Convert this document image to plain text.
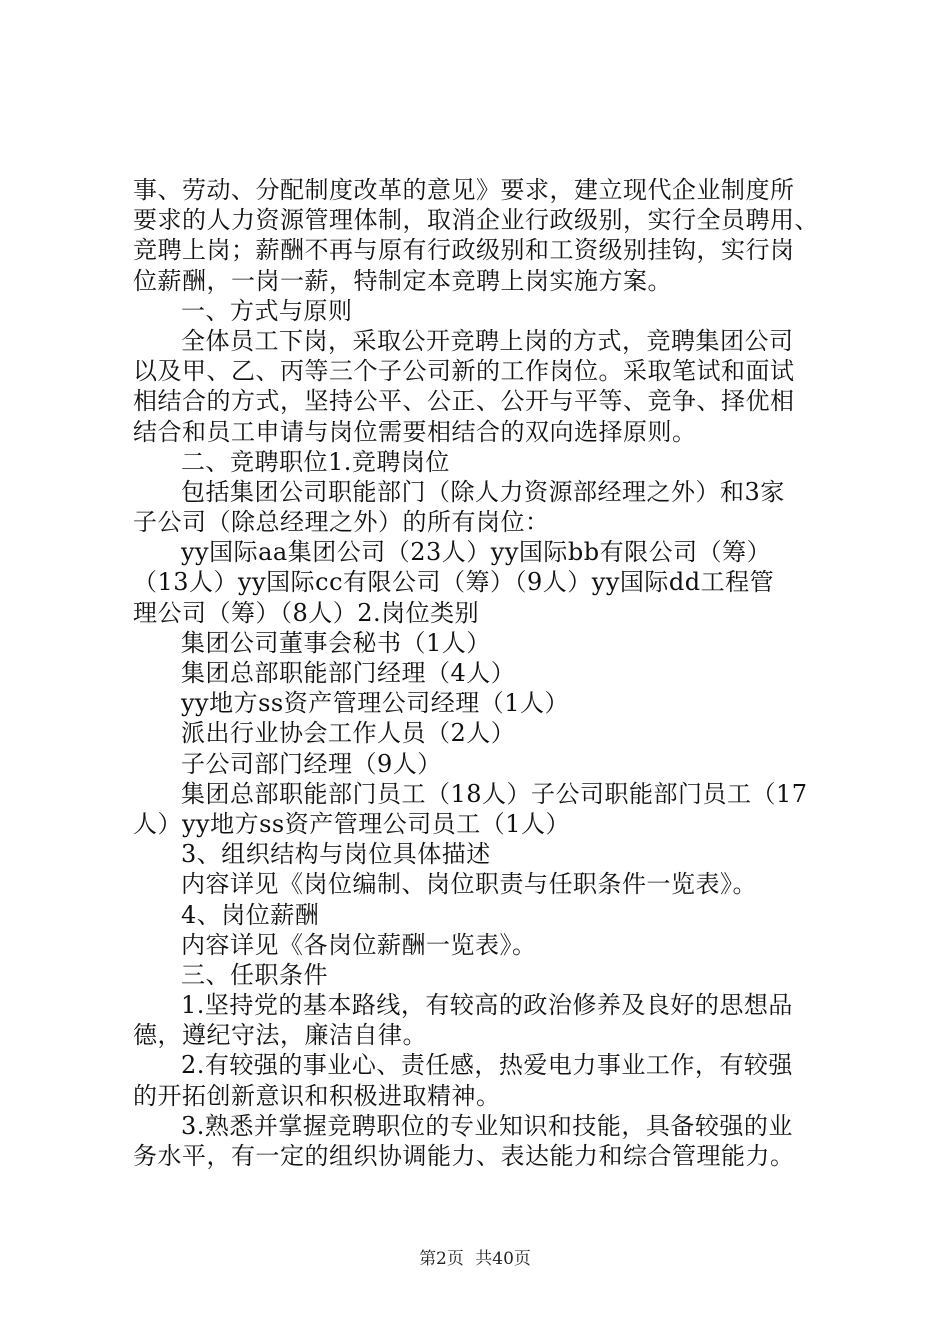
事、劳动、分配制度改革的意见》要求，建立现代企业制度所
要求的人力资源管理体制，取消企业行政级别，实行全员聘用、
竞聘上岗；薪酬不再与原有行政级别和工资级别挂钩，实行岗
位薪酬，一岗一薪，特制定本竞聘上岗实施方案。
一、方式与原则
全体员工下岗，采取公开竞聘上岗的方式，竞聘集团公司
以及甲、乙、丙等三个子公司新的工作岗位。采取笔试和面试
相结合的方式，坚持公平、公正、公开与平等、竞争、择优相
结合和员工申请与岗位需要相结合的双向选择原则。
二、竞聘职位1.竞聘岗位
包括集团公司职能部门（除人力资源部经理之外）和3家
子公司（除总经理之外）的所有岗位：
yy国际aa集团公司（23人）yy国际bb有限公司（筹）
（13人）yy国际cc有限公司（筹）（9人）yy国际dd工程管
理公司（筹）（8人）2.岗位类别
集团公司董事会秘书（1人）
集团总部职能部门经理（4人）
yy地方ss资产管理公司经理（1人）
派出行业协会工作人员（2人）
子公司部门经理（9人）
集团总部职能部门员工（18人）子公司职能部门员工（17
人）yy地方ss资产管理公司员工（1人）
3、组织结构与岗位具体描述
内容详见《岗位编制、岗位职责与任职条件一览表》。
4、岗位薪酬
内容详见《各岗位薪酬一览表》。
三、任职条件
1.坚持党的基本路线，有较高的政治修养及良好的思想品
德，遵纪守法，廉洁自律。
2.有较强的事业心、责任感，热爱电力事业工作，有较强
的开拓创新意识和积极进取精神。
3.熟悉并掌握竞聘职位的专业知识和技能，具备较强的业
务水平，有一定的组织协调能力、表达能力和综合管理能力。
第2页 共40页
